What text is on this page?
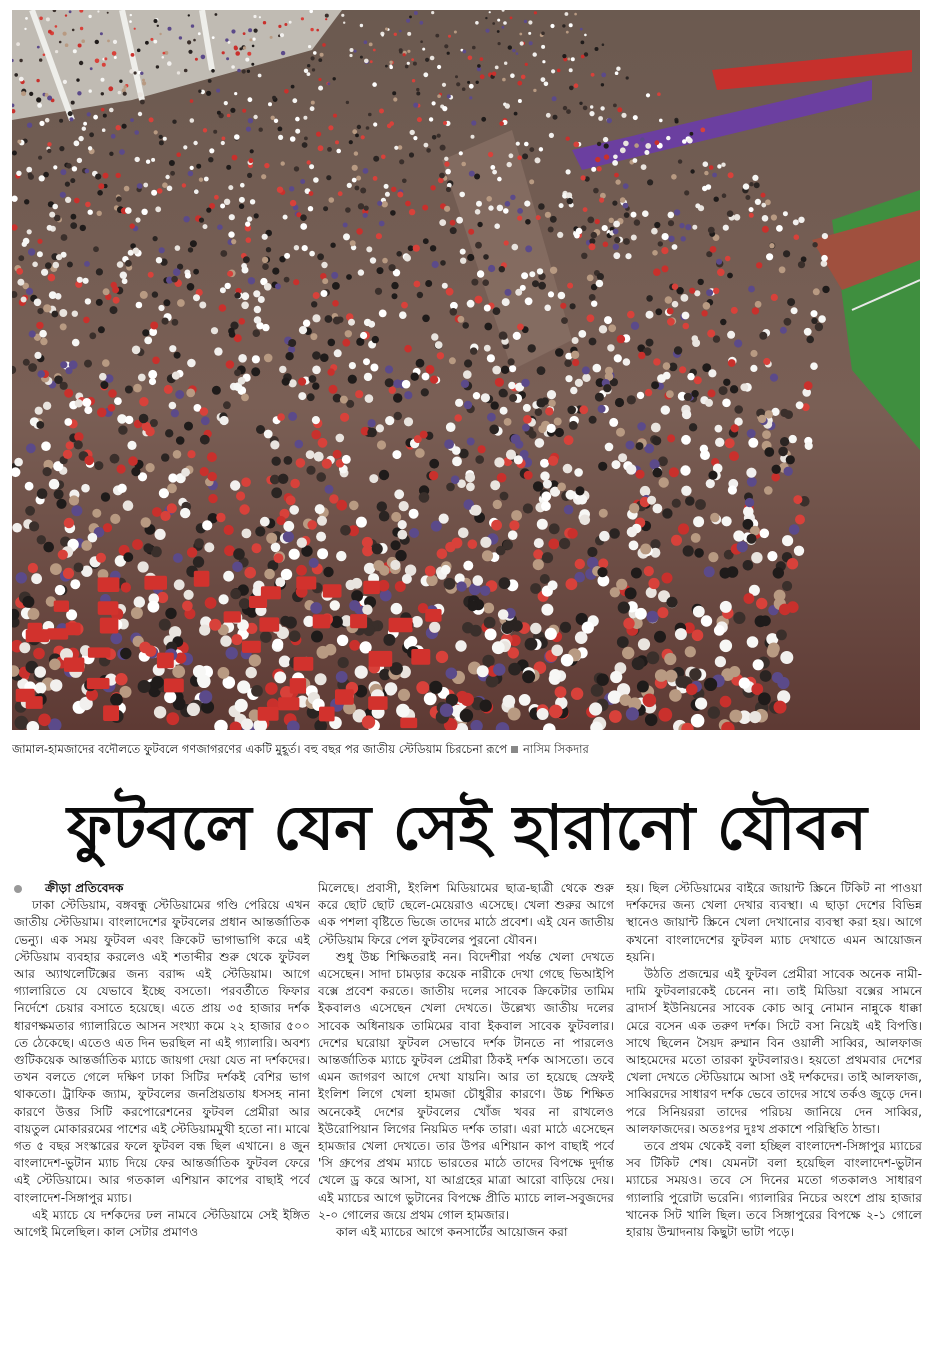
জামাল-হামজাদের বদৌলতে ফুটবলে গণজাগরণের একটি মুহূর্ত। বহু বছর পর জাতীয় স্টেডিয়াম চিরচেনা রূপে নাসিম সিকদার
ফুটবলে যেন সেই হারানো যৌবন

ক্রীড়া প্রতিবেদক

ঢাকা স্টেডিয়াম, বঙ্গবন্ধু স্টেডিয়ামের গণ্ডি পেরিয়ে এখন জাতীয় স্টেডিয়াম। বাংলাদেশের ফুটবলের প্রধান আন্তর্জাতিক ভেন্যু। এক সময় ফুটবল এবং ক্রিকেট ভাগাভাগি করে এই স্টেডিয়াম ব্যবহার করলেও এই শতাব্দীর শুরু থেকে ফুটবল আর অ্যাথলেটিক্সের জন্য বরাদ্দ এই স্টেডিয়াম। আগে গ্যালারিতে যে যেভাবে ইচ্ছে বসতো। পরবর্তীতে ফিফার নির্দেশে চেয়ার বসাতে হয়েছে। এতে প্রায় ৩৫ হাজার দর্শক ধারণক্ষমতার গ্যালারিতে আসন সংখ্যা কমে ২২ হাজার ৫০০ তে ঠেকেছে। এতেও এত দিন ভরছিল না এই গ্যালারি। অবশ্য গুটিকয়েক আন্তর্জাতিক ম্যাচে জায়গা দেয়া যেত না দর্শকদের। তখন বলতে গেলে দক্ষিণ ঢাকা সিটির দর্শকই বেশির ভাগ থাকতো। ট্রাফিক জ্যাম, ফুটবলের জনপ্রিয়তায় ধসসহ নানা কারণে উত্তর সিটি করপোরেশনের ফুটবল প্রেমীরা আর বায়তুল মোকাররমের পাশের এই স্টেডিয়ামমুখী হতো না। মাঝে গত ৫ বছর সংস্কারের ফলে ফুটবল বন্ধ ছিল এখানে। ৪ জুন বাংলাদেশ-ভুটান ম্যাচ দিয়ে ফের আন্তর্জাতিক ফুটবল ফেরে এই স্টেডিয়ামে। আর গতকাল এশিয়ান কাপের বাছাই পর্বে বাংলাদেশ-সিঙ্গাপুর ম্যাচ।

এই ম্যাচে যে দর্শকদের ঢল নামবে স্টেডিয়ামে সেই ইঙ্গিত আগেই মিলেছিল। কাল সেটার প্রমাণও

মিলেছে। প্রবাসী, ইংলিশ মিডিয়ামের ছাত্র-ছাত্রী থেকে শুরু করে ছোট ছোট ছেলে-মেয়েরাও এসেছে। খেলা শুরুর আগে এক পশলা বৃষ্টিতে ভিজে তাদের মাঠে প্রবেশ। এই যেন জাতীয় স্টেডিয়াম ফিরে পেল ফুটবলের পুরনো যৌবন।

শুধু উচ্চ শিক্ষিতরাই নন। বিদেশীরা পর্যন্ত খেলা দেখতে এসেছেন। সাদা চামড়ার কয়েক নারীকে দেখা গেছে ভিআইপি বক্সে প্রবেশ করতে। জাতীয় দলের সাবেক ক্রিকেটার তামিম ইকবালও এসেছেন খেলা দেখতে। উল্লেখ্য জাতীয় দলের সাবেক অধিনায়ক তামিমের বাবা ইকবাল সাবেক ফুটবলার। দেশের ঘরোয়া ফুটবল সেভাবে দর্শক টানতে না পারলেও আন্তর্জাতিক ম্যাচে ফুটবল প্রেমীরা ঠিকই দর্শক আসতো। তবে এমন জাগরণ আগে দেখা যায়নি। আর তা হয়েছে স্রেফই ইংলিশ লিগে খেলা হামজা চৌধুরীর কারণে। উচ্চ শিক্ষিত অনেকেই দেশের ফুটবলের খোঁজ খবর না রাখলেও ইউরোপিয়ান লিগের নিয়মিত দর্শক তারা। এরা মাঠে এসেছেন হামজার খেলা দেখতে। তার উপর এশিয়ান কাপ বাছাই পর্বে 'সি গ্রুপের প্রথম ম্যাচে ভারতের মাঠে তাদের বিপক্ষে দুর্দান্ত খেলে ড্র করে আসা, যা আগ্রহের মাত্রা আরো বাড়িয়ে দেয়। এই ম্যাচের আগে ভুটানের বিপক্ষে প্রীতি ম্যাচে লাল-সবুজদের ২-০ গোলের জয়ে প্রথম গোল হামজার।

কাল এই ম্যাচের আগে কনসার্টের আয়োজন করা

হয়। ছিল স্টেডিয়ামের বাইরে জায়ান্ট স্ক্রিনে টিকিট না পাওয়া দর্শকদের জন্য খেলা দেখার ব্যবস্থা। এ ছাড়া দেশের বিভিন্ন স্থানেও জায়ান্ট স্ক্রিনে খেলা দেখানোর ব্যবস্থা করা হয়। আগে কখনো বাংলাদেশের ফুটবল ম্যাচ দেখাতে এমন আয়োজন হয়নি।

উঠতি প্রজন্মের এই ফুটবল প্রেমীরা সাবেক অনেক নামী-দামি ফুটবলারকেই চেনেন না। তাই মিডিয়া বক্সের সামনে ব্রাদার্স ইউনিয়নের সাবেক কোচ আবু নোমান নান্নুকে ধাক্কা মেরে বসেন এক তরুণ দর্শক। সিটে বসা নিয়েই এই বিপত্তি। সাথে ছিলেন সৈয়দ রুম্মান বিন ওয়ালী সাব্বির, আলফাজ আহমেদের মতো তারকা ফুটবলারও। হয়তো প্রথমবার দেশের খেলা দেখতে স্টেডিয়ামে আসা ওই দর্শকদের। তাই আলফাজ, সাব্বিরদের সাধারণ দর্শক ভেবে তাদের সাথে তর্কও জুড়ে দেন। পরে সিনিয়ররা তাদের পরিচয় জানিয়ে দেন সাব্বির, আলফাজদের। অতঃপর দুঃখ প্রকাশে পরিস্থিতি ঠান্ডা।

তবে প্রথম থেকেই বলা হচ্ছিল বাংলাদেশ-সিঙ্গাপুর ম্যাচের সব টিকিট শেষ। যেমনটা বলা হয়েছিল বাংলাদেশ-ভুটান ম্যাচের সময়ও। তবে সে দিনের মতো গতকালও সাধারণ গ্যালারি পুরোটা ভরেনি। গ্যালারির নিচের অংশে প্রায় হাজার খানেক সিট খালি ছিল। তবে সিঙ্গাপুরের বিপক্ষে ২-১ গোলে হারায় উন্মাদনায় কিছুটা ভাটা পড়ে।
